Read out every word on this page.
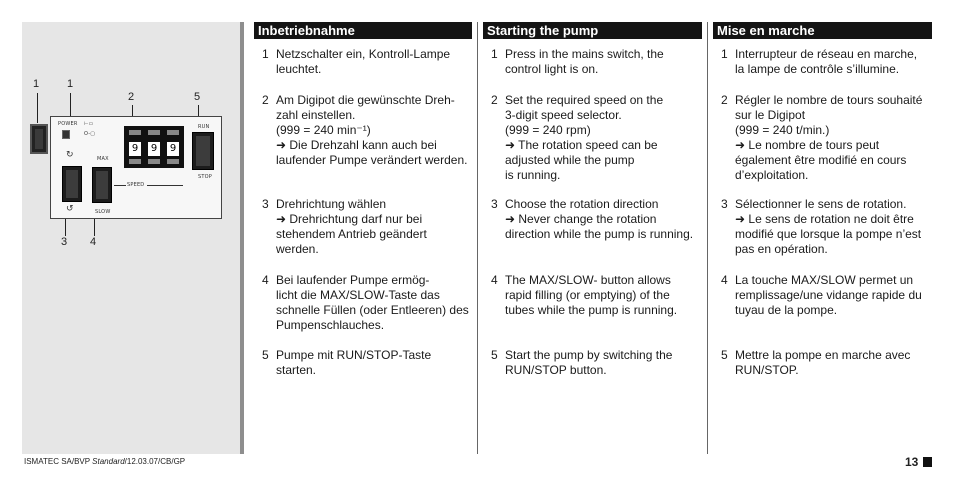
1	1
2	5
3 4
POWER ⊢▭
O-▢
↻
↺
MAX
SLOW
SPEED
9 9 9
RUN
STOP
Inbetriebnahme
1 Netzschalter ein, Kontroll-Lampe
leuchtet.
2 Am Digipot die gewünschte Dreh-
zahl einstellen.
(999 = 240 min⁻¹)
➜ Die Drehzahl kann auch bei
laufender Pumpe verändert werden.
3 Drehrichtung wählen
➜ Drehrichtung darf nur bei
stehendem Antrieb geändert
werden.
4 Bei laufender Pumpe ermög-
licht die MAX/SLOW-Taste das
schnelle Füllen (oder Entleeren) des
Pumpenschlauches.
5 Pumpe mit RUN/STOP-Taste
starten.
Starting the pump
1 Press in the mains switch, the
control light is on.
2 Set the required speed on the
3-digit speed selector.
(999 = 240 rpm)
➜ The rotation speed can be
adjusted while the pump
is running.
3 Choose the rotation direction
➜ Never change the rotation
direction while the pump is running.
4 The MAX/SLOW- button allows
rapid filling (or emptying) of the
tubes while the pump is running.
5 Start the pump by switching the
RUN/STOP button.
Mise en marche
1 Interrupteur de réseau en marche,
la lampe de contrôle s’illumine.
2 Régler le nombre de tours souhaité
sur le Digipot
(999 = 240 t/min.)
➜ Le nombre de tours peut
également être modifié en cours
d’exploitation.
3 Sélectionner le sens de rotation.
➜ Le sens de rotation ne doit être
modifié que lorsque la pompe n’est
pas en opération.
4 La touche MAX/SLOW permet un
remplissage/une vidange rapide du
tuyau de la pompe.
5 Mettre la pompe en marche avec
RUN/STOP.
ISMATEC SA/BVP Standard/12.03.07/CB/GP	13
